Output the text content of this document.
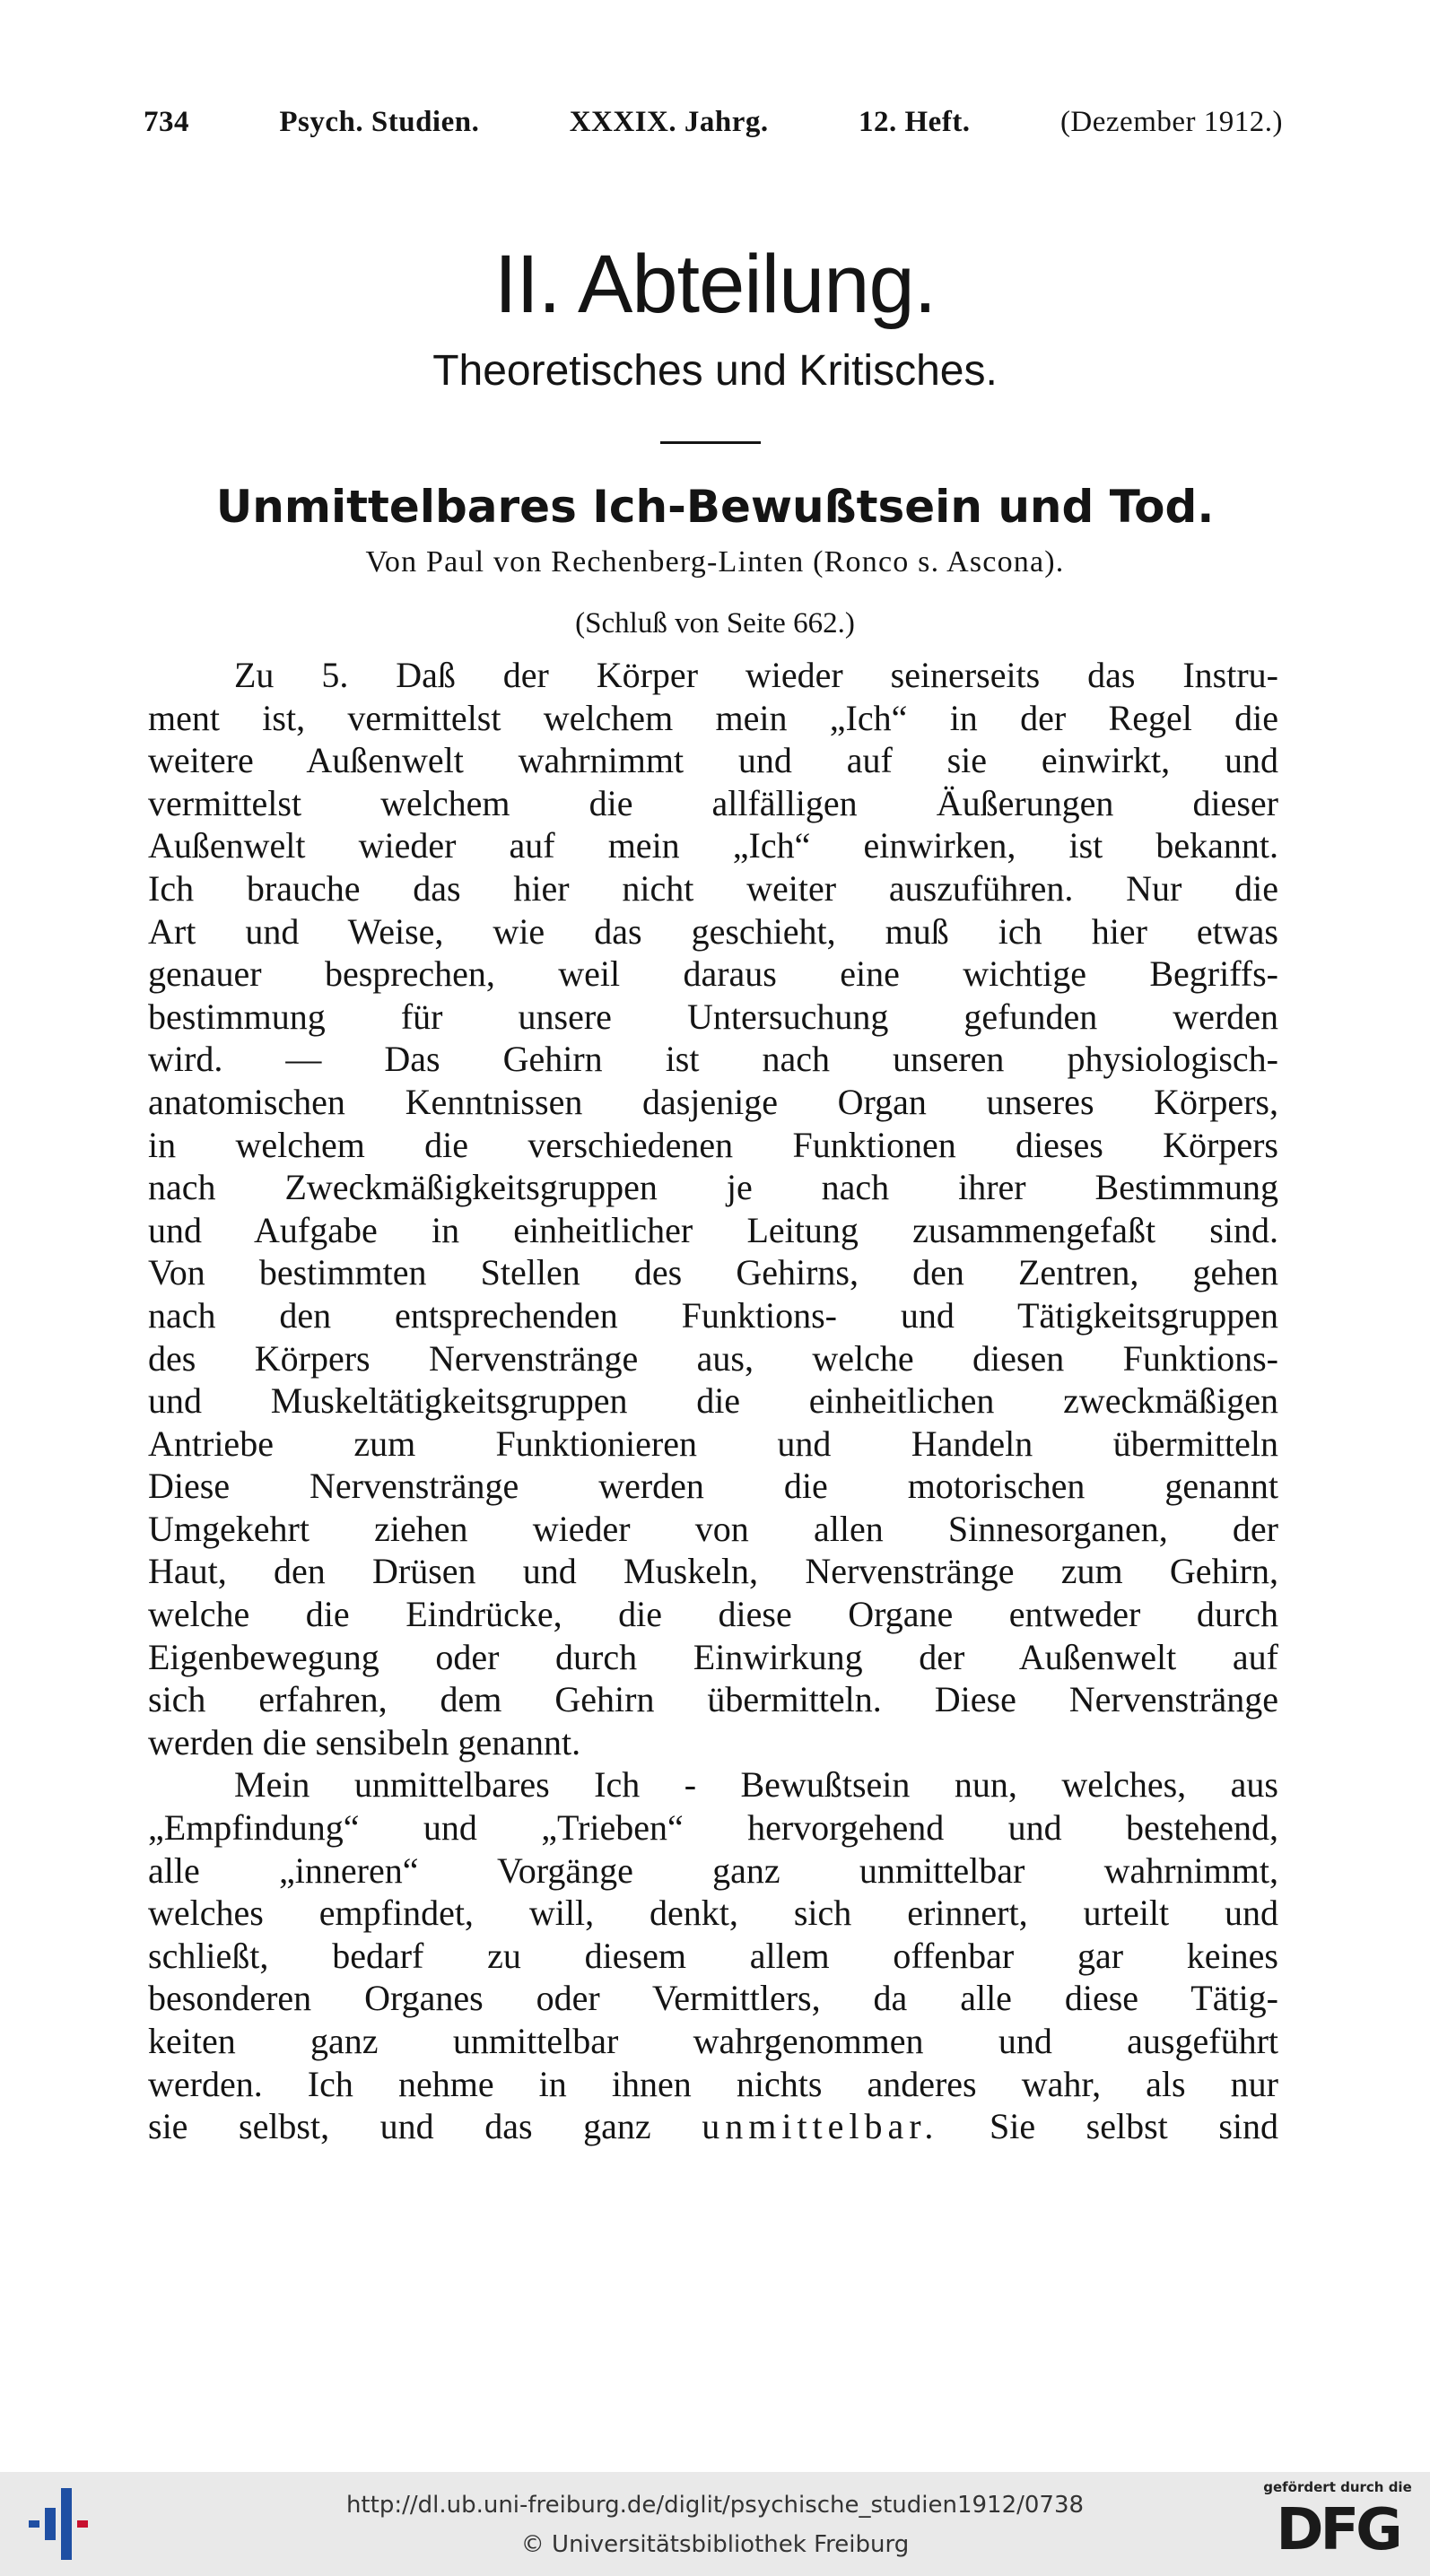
734	Psych. Studien.	XXXIX. Jahrg.	12. Heft.	(Dezember 1912.)
II. Abteilung.
Theoretisches und Kritisches.
Unmittelbares Ich-Bewußtsein und Tod.
Von Paul von Rechenberg-Linten (Ronco s. Ascona).
(Schluß von Seite 662.)
Zu 5. Daß der Körper wieder seinerseits das Instru-
ment ist, vermittelst welchem mein „Ich“ in der Regel die
weitere Außenwelt wahrnimmt und auf sie einwirkt, und
vermittelst welchem die allfälligen Äußerungen dieser
Außenwelt wieder auf mein „Ich“ einwirken, ist bekannt.
Ich brauche das hier nicht weiter auszuführen. Nur die
Art und Weise, wie das geschieht, muß ich hier etwas
genauer besprechen, weil daraus eine wichtige Begriffs-
bestimmung für unsere Untersuchung gefunden werden
wird. — Das Gehirn ist nach unseren physiologisch-
anatomischen Kenntnissen dasjenige Organ unseres Körpers,
in welchem die verschiedenen Funktionen dieses Körpers
nach Zweckmäßigkeitsgruppen je nach ihrer Bestimmung
und Aufgabe in einheitlicher Leitung zusammengefaßt sind.
Von bestimmten Stellen des Gehirns, den Zentren, gehen
nach den entsprechenden Funktions- und Tätigkeitsgruppen
des Körpers Nervenstränge aus, welche diesen Funktions-
und Muskeltätigkeitsgruppen die einheitlichen zweckmäßigen
Antriebe zum Funktionieren und Handeln übermitteln
Diese Nervenstränge werden die motorischen genannt
Umgekehrt ziehen wieder von allen Sinnesorganen, der
Haut, den Drüsen und Muskeln, Nervenstränge zum Gehirn,
welche die Eindrücke, die diese Organe entweder durch
Eigenbewegung oder durch Einwirkung der Außenwelt auf
sich erfahren, dem Gehirn übermitteln. Diese Nervenstränge
werden die sensibeln genannt.
Mein unmittelbares Ich - Bewußtsein nun, welches, aus
„Empfindung“ und „Trieben“ hervorgehend und bestehend,
alle „inneren“ Vorgänge ganz unmittelbar wahrnimmt,
welches empfindet, will, denkt, sich erinnert, urteilt und
schließt, bedarf zu diesem allem offenbar gar keines
besonderen Organes oder Vermittlers, da alle diese Tätig-
keiten ganz unmittelbar wahrgenommen und ausgeführt
werden. Ich nehme in ihnen nichts anderes wahr, als nur
sie selbst, und das ganz unmittelbar. Sie selbst sind
http://dl.ub.uni-freiburg.de/diglit/psychische_studien1912/0738
© Universitätsbibliothek Freiburg
gefördert durch die
DFG
